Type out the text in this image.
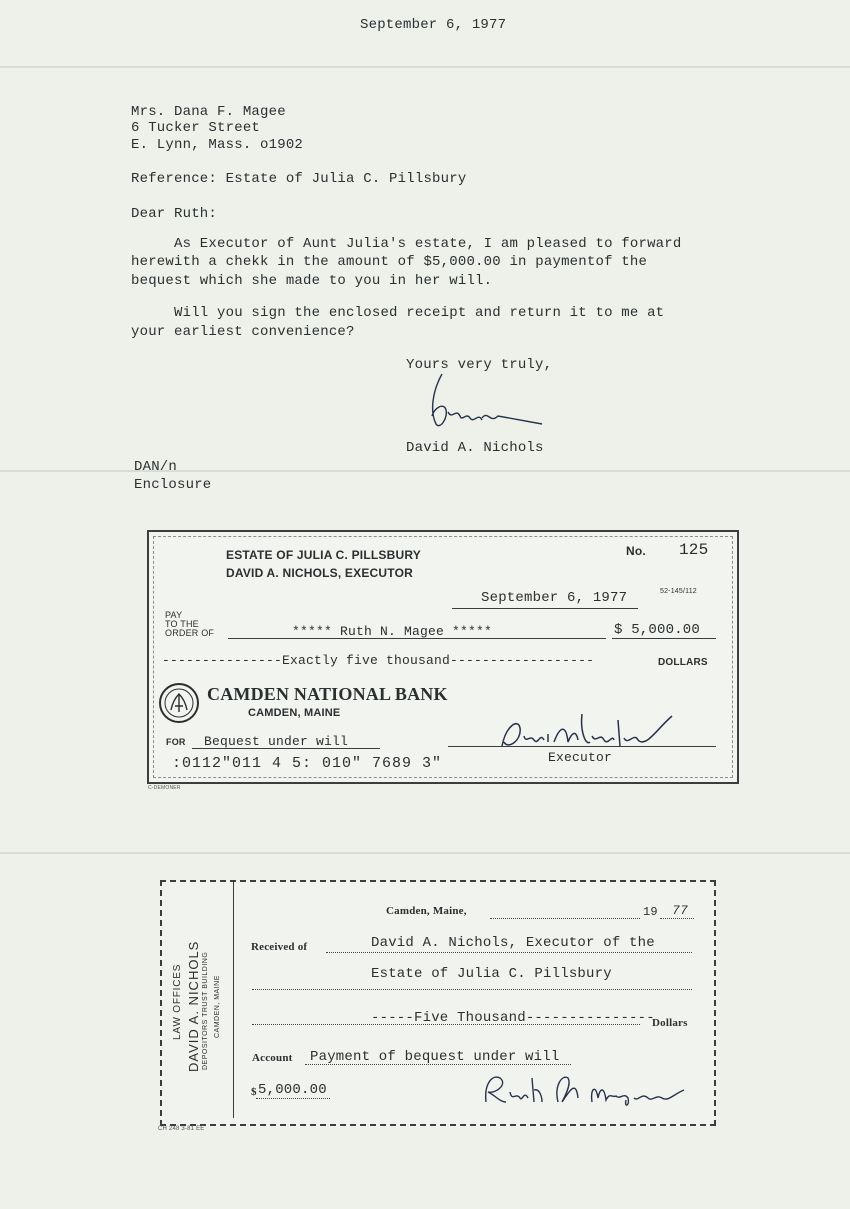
September 6, 1977
Mrs. Dana F. Magee
6 Tucker Street
E. Lynn, Mass. o1902
Reference: Estate of Julia C. Pillsbury
Dear Ruth:
As Executor of Aunt Julia's estate, I am pleased to forward
herewith a chekk in the amount of $5,000.00 in paymentof the
bequest which she made to you in her will.
Will you sign the enclosed receipt and return it to me at
your earliest convenience?
Yours very truly,
David A. Nichols
DAN/n
Enclosure
ESTATE OF JULIA C. PILLSBURY
DAVID A. NICHOLS, EXECUTOR
No. 125
September 6, 1977	52-145/112
PAY
TO THE
ORDER OF	***** Ruth N. Magee *****	$ 5,000.00
---------------Exactly five thousand------------------	DOLLARS
CAMDEN NATIONAL BANK
CAMDEN, MAINE
FOR Bequest under will
Executor
:0112″011 4 5: 010″ 7689 3″
C-DEMONER
LAW OFFICES DAVID A. NICHOLS DEPOSITORS TRUST BUILDING CAMDEN, MAINE
Camden, Maine,	19 77
Received of	David A. Nichols, Executor of the
Estate of Julia C. Pillsbury
-----Five Thousand---------------
Dollars
Account Payment of bequest under will
$ 5,000.00
CH 248 3-81 EE
